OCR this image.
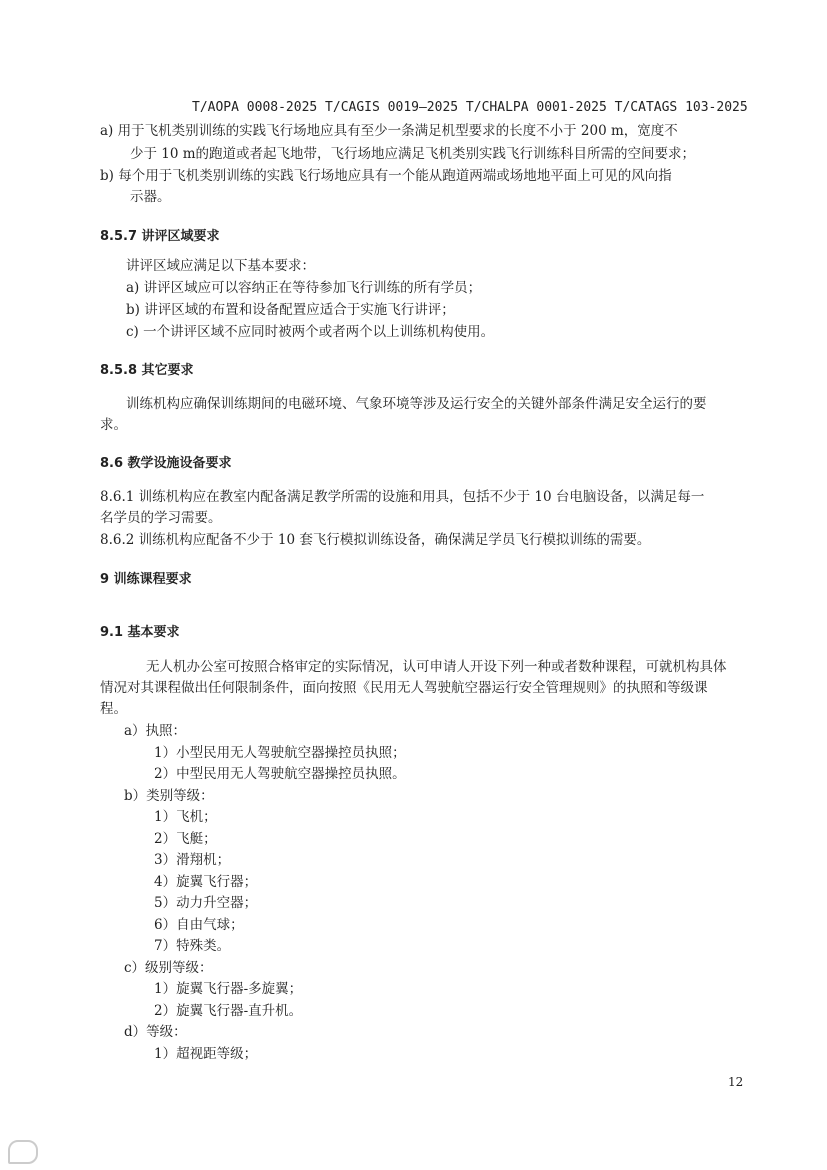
T/AOPA 0008-2025 T/CAGIS 0019—2025 T/CHALPA 0001-2025 T/CATAGS 103-2025
a) 用于飞机类别训练的实践飞行场地应具有至少一条满足机型要求的长度不小于 200 m，宽度不
少于 10 m的跑道或者起飞地带，飞行场地应满足飞机类别实践飞行训练科目所需的空间要求；
b) 每个用于飞机类别训练的实践飞行场地应具有一个能从跑道两端或场地地平面上可见的风向指
示器。
8.5.7 讲评区域要求
讲评区域应满足以下基本要求：
a) 讲评区域应可以容纳正在等待参加飞行训练的所有学员；
b) 讲评区域的布置和设备配置应适合于实施飞行讲评；
c) 一个讲评区域不应同时被两个或者两个以上训练机构使用。
8.5.8 其它要求
训练机构应确保训练期间的电磁环境、气象环境等涉及运行安全的关键外部条件满足安全运行的要
求。
8.6 教学设施设备要求
8.6.1 训练机构应在教室内配备满足教学所需的设施和用具，包括不少于 10 台电脑设备，以满足每一
名学员的学习需要。
8.6.2 训练机构应配备不少于 10 套飞行模拟训练设备，确保满足学员飞行模拟训练的需要。
9 训练课程要求
9.1 基本要求
无人机办公室可按照合格审定的实际情况，认可申请人开设下列一种或者数种课程，可就机构具体
情况对其课程做出任何限制条件，面向按照《民用无人驾驶航空器运行安全管理规则》的执照和等级课
程。
a）执照：
1）小型民用无人驾驶航空器操控员执照；
2）中型民用无人驾驶航空器操控员执照。
b）类别等级：
1）飞机；
2）飞艇；
3）滑翔机；
4）旋翼飞行器；
5）动力升空器；
6）自由气球；
7）特殊类。
c）级别等级：
1）旋翼飞行器-多旋翼；
2）旋翼飞行器-直升机。
d）等级：
1）超视距等级；
12
